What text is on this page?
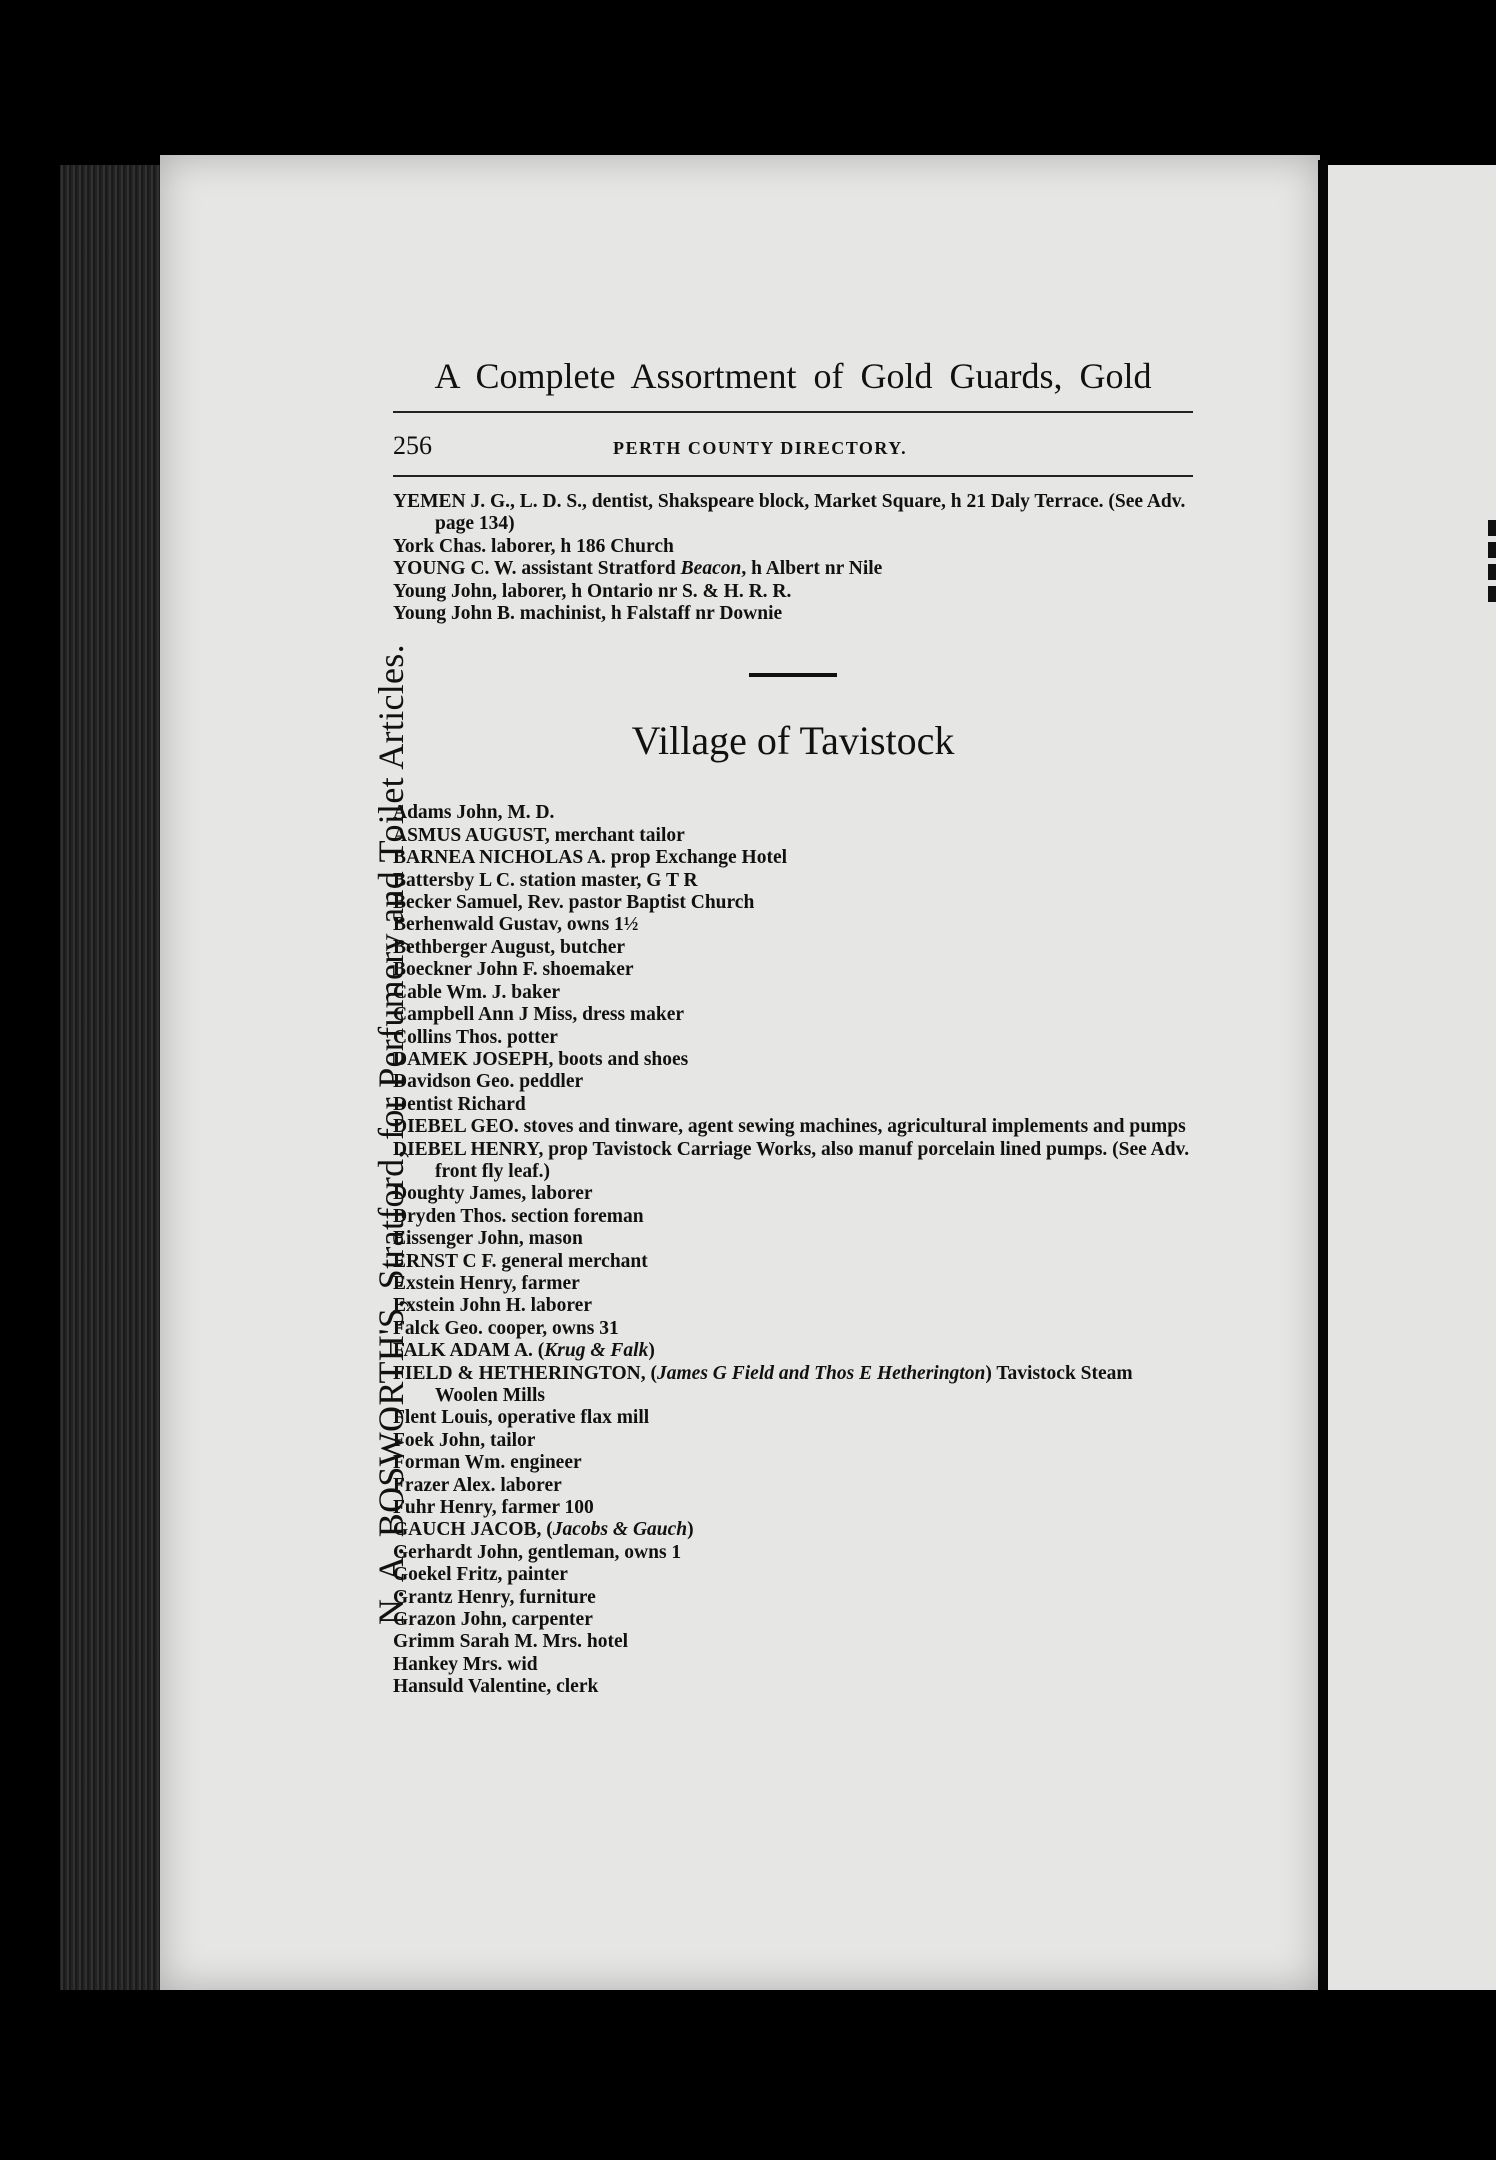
N. A. BOSWORTH'S, Stratford, for Perfumery and Toilet Articles.
A Complete Assortment of Gold Guards, Gold
256	PERTH COUNTY DIRECTORY.
YEMEN J. G., L. D. S., dentist, Shakspeare block, Market Square, h 21 Daly Terrace. (See Adv. page 134)
York Chas. laborer, h 186 Church
YOUNG C. W. assistant Stratford Beacon, h Albert nr Nile
Young John, laborer, h Ontario nr S. & H. R. R.
Young John B. machinist, h Falstaff nr Downie
Village of Tavistock
Adams John, M. D.
ASMUS AUGUST, merchant tailor
BARNEA NICHOLAS A. prop Exchange Hotel
Battersby L C. station master, G T R
Becker Samuel, Rev. pastor Baptist Church
Berhenwald Gustav, owns 1½
Bethberger August, butcher
Boeckner John F. shoemaker
Cable Wm. J. baker
Campbell Ann J Miss, dress maker
Collins Thos. potter
DAMEK JOSEPH, boots and shoes
Davidson Geo. peddler
Dentist Richard
DIEBEL GEO. stoves and tinware, agent sewing machines, agricultural implements and pumps
DIEBEL HENRY, prop Tavistock Carriage Works, also manuf porcelain lined pumps. (See Adv. front fly leaf.)
Doughty James, laborer
Dryden Thos. section foreman
Eissenger John, mason
ERNST C F. general merchant
Exstein Henry, farmer
Exstein John H. laborer
Falck Geo. cooper, owns 31
FALK ADAM A. (Krug & Falk)
FIELD & HETHERINGTON, (James G Field and Thos E Hetherington) Tavistock Steam Woolen Mills
Flent Louis, operative flax mill
Foek John, tailor
Forman Wm. engineer
Frazer Alex. laborer
Fuhr Henry, farmer 100
GAUCH JACOB, (Jacobs & Gauch)
Gerhardt John, gentleman, owns 1
Goekel Fritz, painter
Grantz Henry, furniture
Grazon John, carpenter
Grimm Sarah M. Mrs. hotel
Hankey Mrs. wid
Hansuld Valentine, clerk
